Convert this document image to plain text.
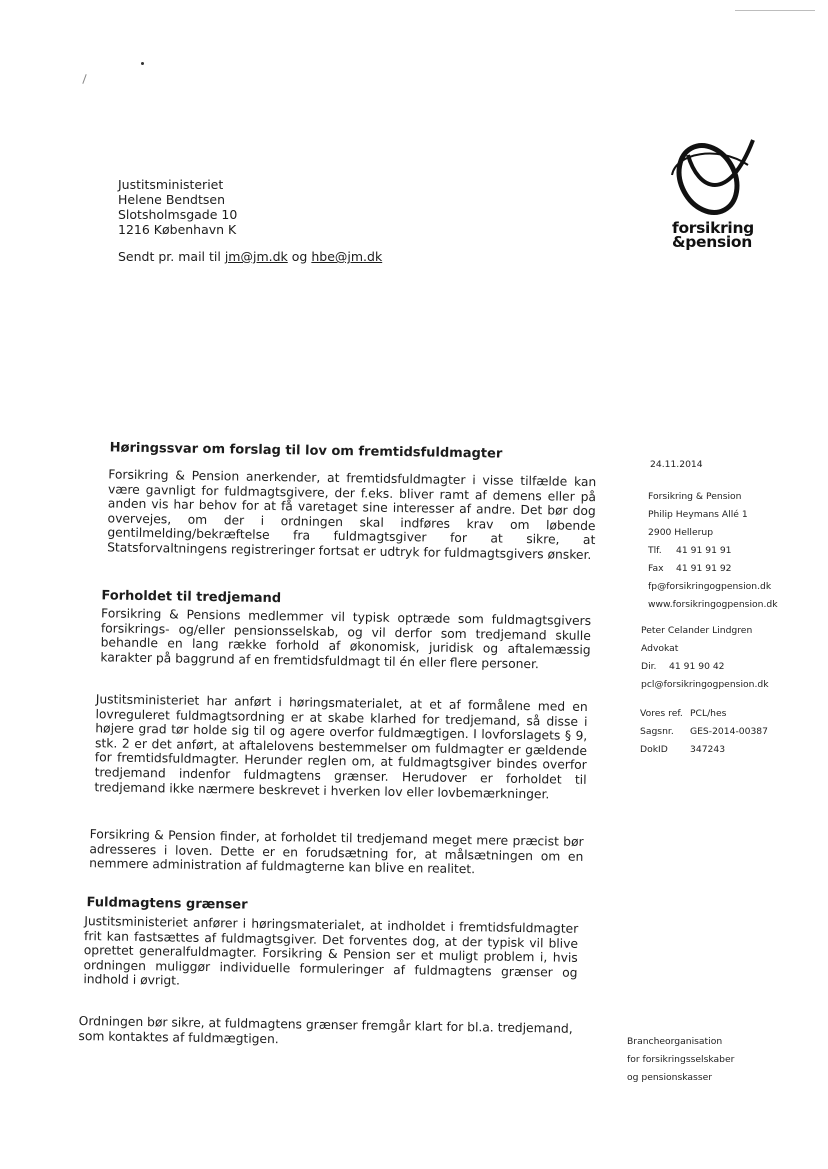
Justitsministeriet
Helene Bendtsen
Slotsholmsgade 10
1216 København K
Sendt pr. mail til jm@jm.dk og hbe@jm.dk
forsikring
&pension
Høringssvar om forslag til lov om fremtidsfuldmagter
Forsikring & Pension anerkender, at fremtidsfuldmagter i visse tilfælde kan være gavnligt for fuldmagtsgivere, der f.eks. bliver ramt af demens eller på anden vis har behov for at få varetaget sine interesser af andre. Det bør dog overvejes, om der i ordningen skal indføres krav om løbende gentilmelding/bekræftelse fra fuldmagtsgiver for at sikre, at Statsforvaltningens registreringer fortsat er udtryk for fuldmagtsgivers ønsker.
Forholdet til tredjemand
Forsikring & Pensions medlemmer vil typisk optræde som fuldmagtsgivers forsikrings- og/eller pensionsselskab, og vil derfor som tredjemand skulle behandle en lang række forhold af økonomisk, juridisk og aftalemæssig karakter på baggrund af en fremtidsfuldmagt til én eller flere personer.
Justitsministeriet har anført i høringsmaterialet, at et af formålene med en lovreguleret fuldmagtsordning er at skabe klarhed for tredjemand, så disse i højere grad tør holde sig til og agere overfor fuldmægtigen. I lovforslagets § 9, stk. 2 er det anført, at aftalelovens bestemmelser om fuldmagter er gældende for fremtidsfuldmagter. Herunder reglen om, at fuldmagtsgiver bindes overfor tredjemand indenfor fuldmagtens grænser. Herudover er forholdet til tredjemand ikke nærmere beskrevet i hverken lov eller lovbemærkninger.
Forsikring & Pension finder, at forholdet til tredjemand meget mere præcist bør adresseres i loven. Dette er en forudsætning for, at målsætningen om en nemmere administration af fuldmagterne kan blive en realitet.
Fuldmagtens grænser
Justitsministeriet anfører i høringsmaterialet, at indholdet i fremtidsfuldmagter frit kan fastsættes af fuldmagtsgiver. Det forventes dog, at der typisk vil blive oprettet generalfuldmagter. Forsikring & Pension ser et muligt problem i, hvis ordningen muliggør individuelle formuleringer af fuldmagtens grænser og indhold i øvrigt.
Ordningen bør sikre, at fuldmagtens grænser fremgår klart for bl.a. tredjemand, som kontaktes af fuldmægtigen.
24.11.2014
Forsikring & Pension
Philip Heymans Allé 1
2900 Hellerup
Tlf. 41 91 91 91
Fax 41 91 91 92
fp@forsikringogpension.dk
www.forsikringogpension.dk
Peter Celander Lindgren
Advokat
Dir. 41 91 90 42
pcl@forsikringogpension.dk
Vores ref. PCL/hes
Sagsnr. GES-2014-00387
DokID 347243
Brancheorganisation
for forsikringsselskaber
og pensionskasser
